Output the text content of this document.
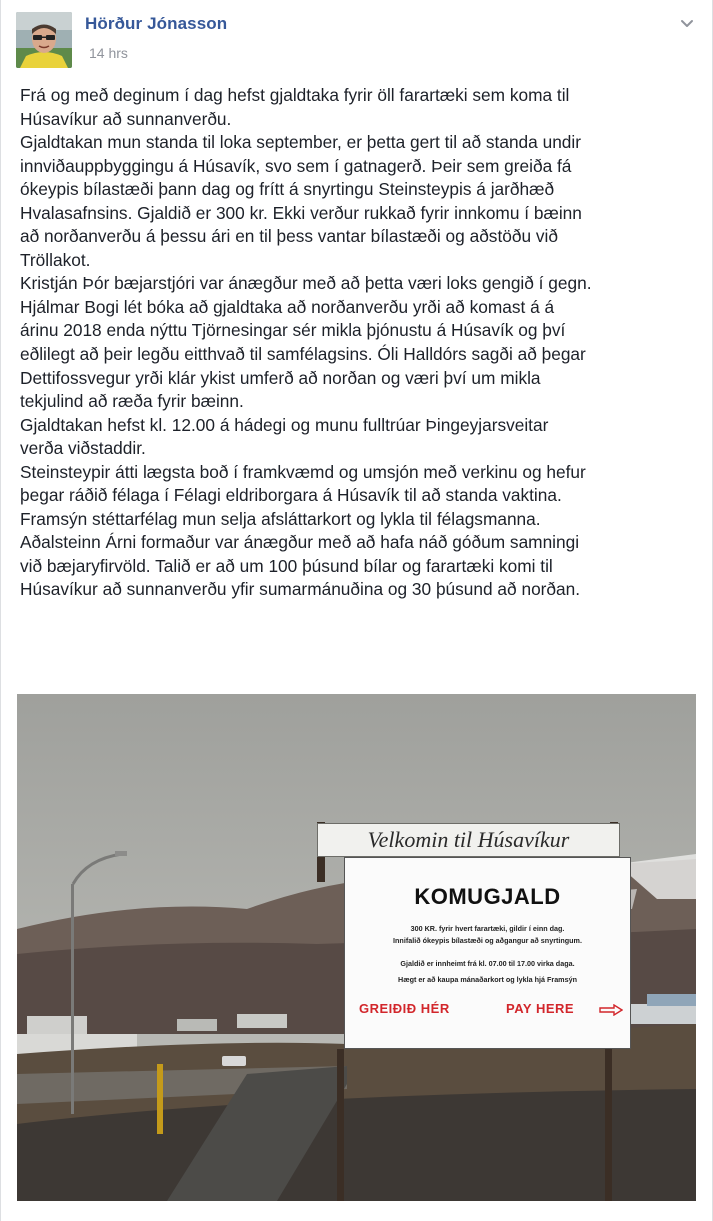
Hörður Jónasson
14 hrs

Frá og með deginum í dag hefst gjaldtaka fyrir öll farartæki sem koma til

Húsavíkur að sunnanverðu.

Gjaldtakan mun standa til loka september, er þetta gert til að standa undir

innviðauppbyggingu á Húsavík, svo sem í gatnagerð. Þeir sem greiða fá

ókeypis bílastæði þann dag og frítt á snyrtingu Steinsteypis á jarðhæð

Hvalasafnsins. Gjaldið er 300 kr. Ekki verður rukkað fyrir innkomu í bæinn

að norðanverðu á þessu ári en til þess vantar bílastæði og aðstöðu við

Tröllakot.

Kristján Þór bæjarstjóri var ánægður með að þetta væri loks gengið í gegn.

Hjálmar Bogi lét bóka að gjaldtaka að norðanverðu yrði að komast á á

árinu 2018 enda nýttu Tjörnesingar sér mikla þjónustu á Húsavík og því

eðlilegt að þeir legðu eitthvað til samfélagsins. Óli Halldórs sagði að þegar

Dettifossvegur yrði klár ykist umferð að norðan og væri því um mikla

tekjulind að ræða fyrir bæinn.

Gjaldtakan hefst kl. 12.00 á hádegi og munu fulltrúar Þingeyjarsveitar

verða viðstaddir.

Steinsteypir átti lægsta boð í framkvæmd og umsjón með verkinu og hefur

þegar ráðið félaga í Félagi eldriborgara á Húsavík til að standa vaktina.

Framsýn stéttarfélag mun selja afsláttarkort og lykla til félagsmanna.

Aðalsteinn Árni formaður var ánægður með að hafa náð góðum samningi

við bæjaryfirvöld. Talið er að um 100 þúsund bílar og farartæki komi til

Húsavíkur að sunnanverðu yfir sumarmánuðina og 30 þúsund að norðan.

Velkomin til Húsavíkur
KOMUGJALD
300 KR. fyrir hvert farartæki, gildir í einn dag.
Innifalið ókeypis bílastæði og aðgangur að snyrtingum.
Gjaldið er innheimt frá kl. 07.00 til 17.00 virka daga.
Hægt er að kaupa mánaðarkort og lykla hjá Framsýn
GREIÐIÐ HÉR	PAY HERE
